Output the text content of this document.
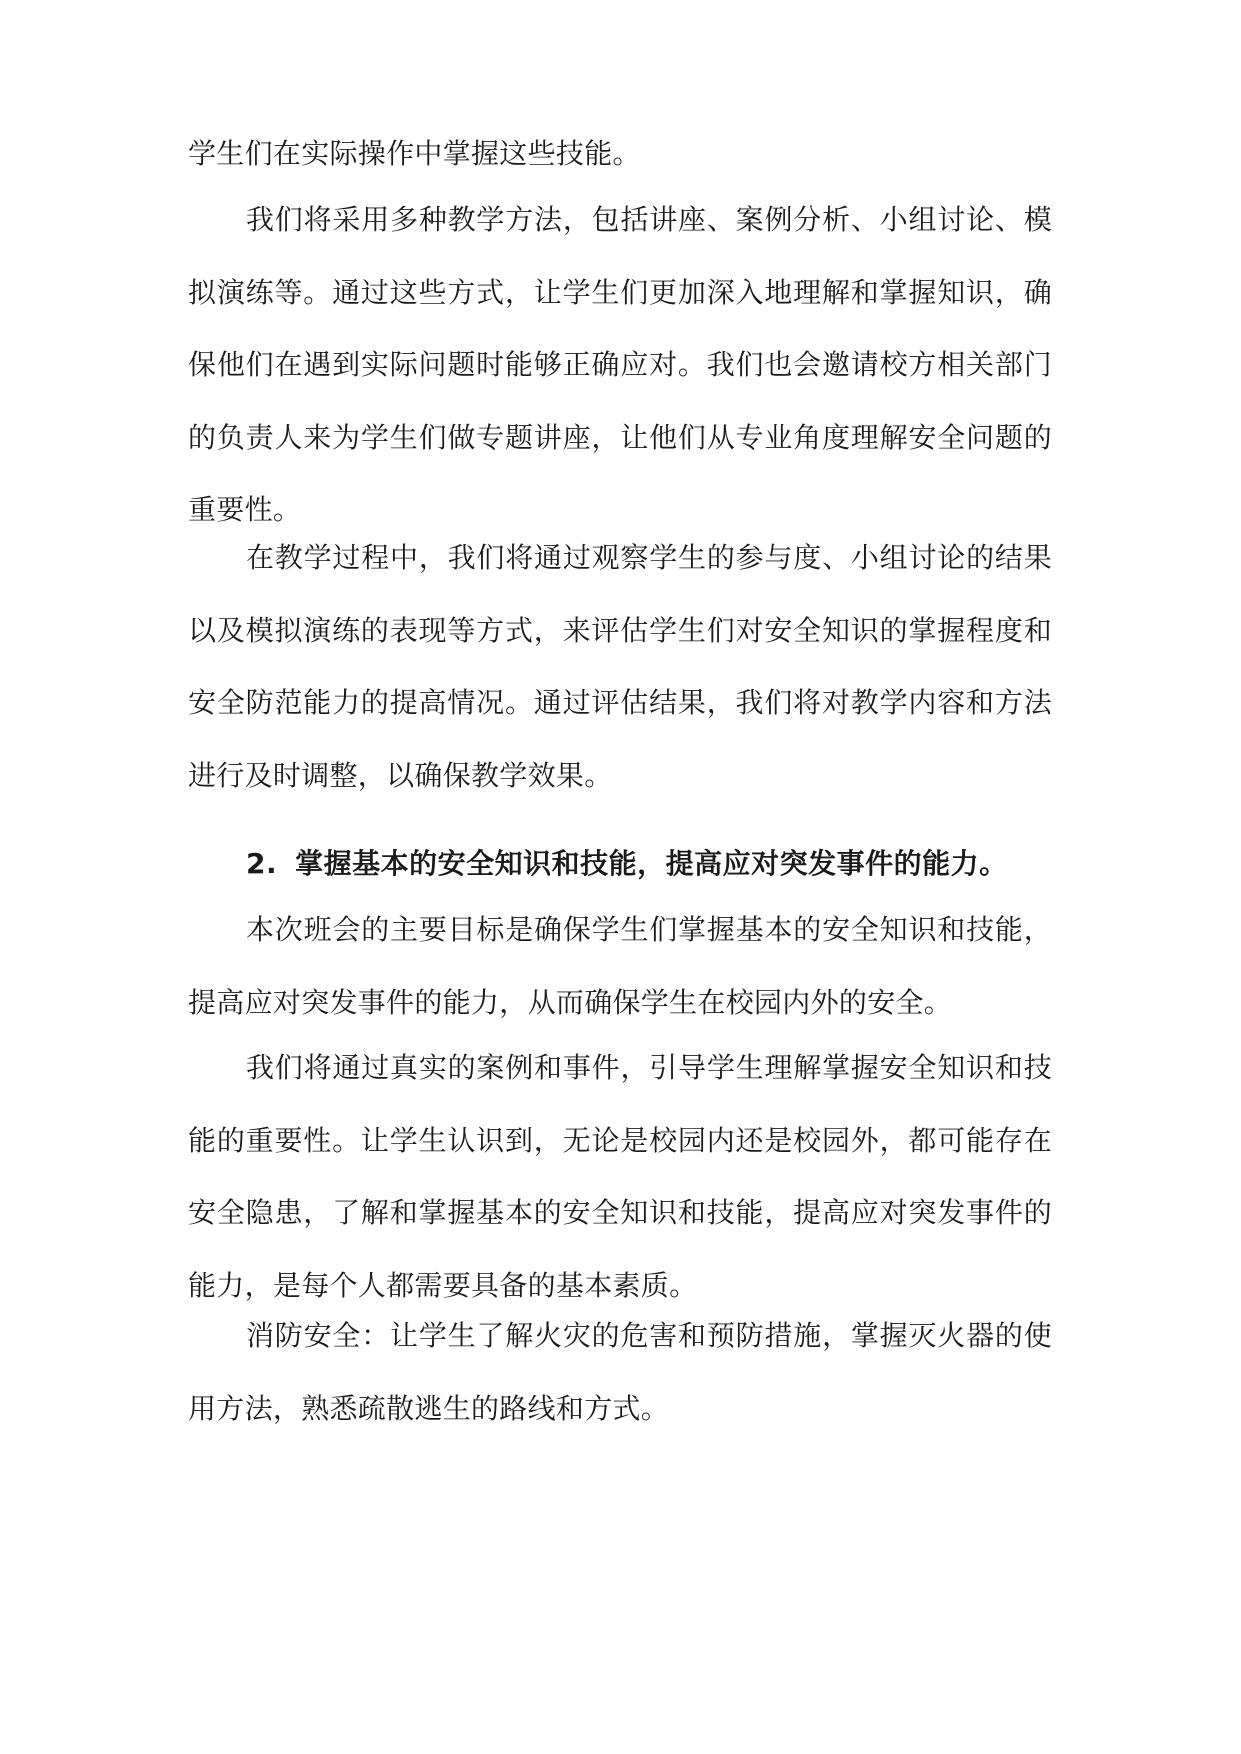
学生们在实际操作中掌握这些技能。

我们将采用多种教学方法，包括讲座、案例分析、小组讨论、模拟演练等。通过这些方式，让学生们更加深入地理解和掌握知识，确保他们在遇到实际问题时能够正确应对。我们也会邀请校方相关部门的负责人来为学生们做专题讲座，让他们从专业角度理解安全问题的重要性。

在教学过程中，我们将通过观察学生的参与度、小组讨论的结果以及模拟演练的表现等方式，来评估学生们对安全知识的掌握程度和安全防范能力的提高情况。通过评估结果，我们将对教学内容和方法进行及时调整，以确保教学效果。

2. 掌握基本的安全知识和技能，提高应对突发事件的能力。

本次班会的主要目标是确保学生们掌握基本的安全知识和技能，提高应对突发事件的能力，从而确保学生在校园内外的安全。

我们将通过真实的案例和事件，引导学生理解掌握安全知识和技能的重要性。让学生认识到，无论是校园内还是校园外，都可能存在安全隐患，了解和掌握基本的安全知识和技能，提高应对突发事件的能力，是每个人都需要具备的基本素质。

消防安全：让学生了解火灾的危害和预防措施，掌握灭火器的使用方法，熟悉疏散逃生的路线和方式。
